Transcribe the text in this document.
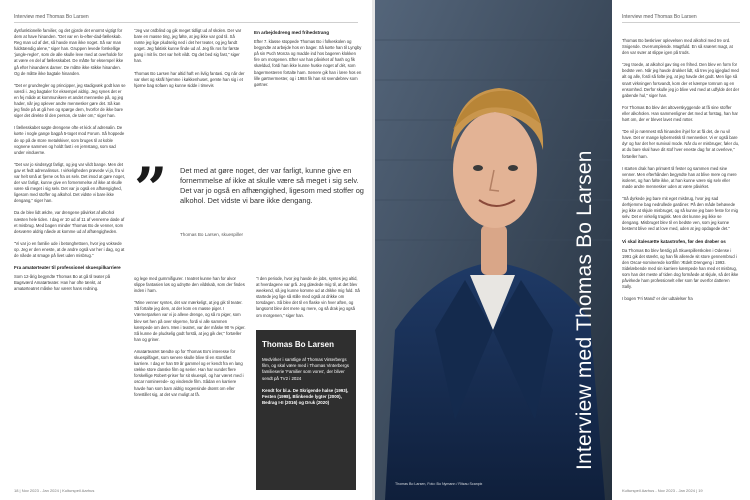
Interview med Thomas Bo Larsen

dysfunktionelle familier, og det gjorde det enormt vigtigt for dem at have hinanden. "Det var en lo-efter-dad-fælleskab. Reg man ud af det, så havde man ikke noget. Så var man fuldstændig alene," siger han. Gruppen levede forskellige 'jungle-regler', som de alle skulle leve med at overholde for at være en del af fællesskabet. De måtte for eksempel ikke gå efter hinandens damer. De måtte ikke stikke hinanden. Og de måtte ikke bagtale hinanden.

"Det er grundregler og principper, jeg stadigvæk godt kan se værdi i. Jeg bagtaler for eksempel aldrig. Jeg synes det er en fej måde at kommunikere et andet menneske på, og jeg hader, når jeg oplever andre mennesker gøre det. Så kan jeg finde på at gå hen og spørge dem, hvorfor de ikke bare siger det direkte til den person, de taler om," siger han.

I fællesskabet søgte drengene ofte et kick af adrenalin. De kørte i nogle gange bagpå 5-toget mod Forum. Så hoppede de op på de store metalskiver, som bruges til at koble vognene sammen og holdt fast i en jernstang, som sad under vinduerne.

"Det var jo sindssygt farligt, og jeg var vildt bange. Men det gav et fedt adrenalinsus. I virkeligheden prøvede vi jo, fra vi var helt små at fjerne os fra os selv. Det imod at gøre noget, der var farligt, kunne give en fornemmelse af ikke at skulle være så meget i sig selv. Det var jo også en afhængighed, ligesom med stoffer og alkohol. Det vidste vi bare ikke dengang," siger han.

Da de blev lidt ældre, var drengene påvirket af alkohol næsten hele tiden. I dag er 10 ud af 11 af vennerne døde af et misbrug. Med bagen minder Thomas Bo de venner, som desværre aldrig nåede at komme ud af afhængigheden.

"Vi var jo en familie ude i betonghettoen, hvor jeg voksede op. Jeg er den eneste, at de andre også var her i dag, og at de nåede at smage på livet uden misbrug."

Fra amatørteater til professionel skuespilkarriere

Som 12-årig begyndte Thomas Bo at gå til teater på Bagsværd Amatørteater. Han har ofte tænkt, at amatørteatret måske har været hans redning.

"Jeg var ordblind og gik meget tidligt ud af skolen. Der var bare en masse ting, jeg følte, at jeg ikke var god til. Så ramte jeg lige pludselig ned i det her teater, og jeg fandt noget. Jeg faktisk kunne finde ud af. Jeg fik ros for første gang i mit liv. Det var helt vildt. Og det bed sig fast," siger han.

Thomas Bo Larsen har altid haft en livlig fantasi. Og når der var sket og skrål hjemme i køkkenhuset, gemte han sig i et hjørne bag sofaen og kunne sidde i timevis

En arbejdsdreng med frihedstrang

Efter 7. klasse stoppede Thomas Bo i folkeskolen og begyndte at arbejde hos en bager. Så kørte han til Lyngby på sin Puch Monza og madde ind hos bageren klokken fire om morgenen. Efter var han påvirket af hash og fik skældud, fordi han ikke kunne huske noget af dét, som bagermesteren fortalte ham. Senere gik han i lære hos en lille gørtnermester, og i 1984 fik han sit svendebrev som gørtner.

” Det med at gøre noget, der var farligt, kunne give en fornemmelse af ikke at skulle være så meget i sig selv. Det var jo også en afhængighed, ligesom med stoffer og alkohol. Det vidste vi bare ikke dengang.
Thomas Bo Larsen, skuespiller

og lege med gummifigurer. I teatret kunne han for alvor slippe fantasien løs og udnytte den vildskab, som der findes inden i ham.

"Mine venner syntes, det var mærkeligt, at jeg gik til teater. Så fortalte jeg dem, at der kom en masse piger. I Værnerparken var vi jo alleve drenge, og så ro piger, som blev set hen på over skyerne, fordi vi alle sammen kæmpede om dem. Men i teatret, var der måske 90 % piger. Så kunne de pludselig godt forstå, at jeg gik der," fortæller han og griner.

Amatørteatret tændte op for Thomas Bo's interesse for skuespilfaget, som senere skulle blive til en storslået karriere. I dag er han 59 år gammel og er kendt fra en lang række store danske film og serier. Han har vundet flere forskellige Robert-priser for sit skuespil, og har været med i oscar nominerede- og vindende film. Sådan en karriere havde han som barn aldrig nogensinde drømt om eller forestillet sig, at det var muligt at få.

"I den periode, hvor jeg havde de jobs, syntes jeg altid, at hverdagene var grå. Jeg glædede mig til, at det blev weekend, så jeg kunne komme ud at drikke mig fuld. Så startede jeg lige så stille med også at drikke om torsdagen. Så blev det til en flaske vin hver aften, og langsomt blev det mere og mere, og så drak jeg også om morgenen," siger han.

Thomas Bo Larsen

Medvirker i samtlige af Thomas Vinterbergs film, og skal være med i Thomas Vinterbergs familieserie 'Familier som vores', der bliver sendt på TV2 i 2024

Kendt for bl.a. De Skrigende halse (1993), Festen (1998), Blinkende lygter (2000), Bedrag I-II (2016) og Druk (2020)

18 | Nov 2023 - Jan 2024 | Kulturspeil Aarhus
Interview med Thomas Bo Larsen
Thomas Bo Larsen, Foto: Bo Nymann / Ritzau Scanpix
Interview med Thomas Bo Larsen

Thomas Bo beskriver oplevelsen med alkohol med tre ord. Snigende. Overrumplende. Magtfuld. En så snæret magt, at den var svær at slippe igen på trods.

"Jeg troede, at alkohol gav ting en frihed. Den blev en form for bedste ven. Når jeg havde drukket lidt, så trev jeg igjeglad med alt og alle, fordi så følte jeg, at jeg havde det godt. Men lige så snart virkningen forsvandt, kom der et kæmpe tomrum og en ensomhed. Derfor skulle jeg jo blive ved med at udfylde det der gabende hul," siger han.

For Thomas Bo blev det altoverskyggende at få sine stoffer eller alkoholen. Han sammenligner det med at forstag, han har hørt om, der er blevet lavet med rotter.

"De vil jo nærmest stå hinanden ihjel for at få det, de nu vil have. Det er mange kybernetisk til mennesker. Vi er også bare dyr og har det her survival mode. Når du er misbruger, føler du, at du bare skal have dit stof hver eneste dag for at overleve," fortæller ham.

I starten drak han primært til fester og sammen med sine venner. Men efterhånden begyndte han at blive mere og mere isoleret, og han følte ikke, at han kunne være sig selv eller møde andre mennesker uden at være påvirket.

"Så dyrkede jeg bare mit eget misbrug, hvor jeg sad derhjemme bag nedrullede gardiner. På den måde behøvede jeg ikke at skjule misbruget, og så kunne jeg bare feste for mig selv. Det er virkelig tragisk. Men det kunne jeg ikke se dengang. Misbruget blev til en bedste ven, som jeg kunne bestemt blive ved at love med, uden at jeg opdagede det."

Vi skal italesætte katastrofen, før den drøber os

Da Thomas Bo blev færdig på Skuespillerskolen i Odense i 1991 gik det stærkt, og han fik allerede sit store gennembrud i den Oscar-nominerede kortfilm 'Ædelt Drengeng i 1993. Sidelæbende med sin karriere kæmpede han med et misbrug, som han det meste af tiden dog formåede at skjule, så det ikke påvirkede ham professionelt eller som før overfor datteren Sally.

I bogen 'Fri Mand' er der udtalelser fra

Kulturspeil Aarhus - Nov 2023 - Jan 2024 | 19
